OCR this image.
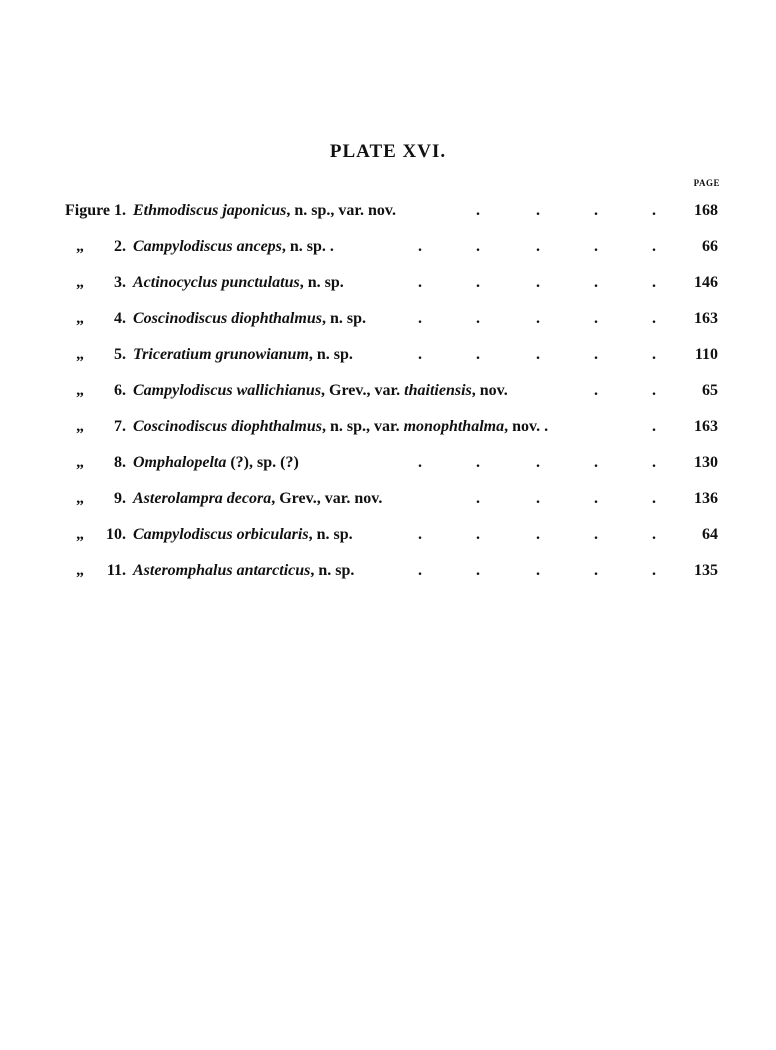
PLATE XVI.
PAGE
Figure 1. Ethmodiscus japonicus, n. sp., var. nov.	.	.	.	.	168
„ 2. Campylodiscus anceps, n. sp. .	.	.	.	.	.	66
„ 3. Actinocyclus punctulatus, n. sp.	.	.	.	.	.	146
„ 4. Coscinodiscus diophthalmus, n. sp.	.	.	.	.	.	163
„ 5. Triceratium grunowianum, n. sp.	.	.	.	.	.	110
„ 6. Campylodiscus wallichianus, Grev., var. thaitiensis, nov.	.	.	65
„ 7. Coscinodiscus diophthalmus, n. sp., var. monophthalma, nov. .	.	163
„ 8. Omphalopelta (?), sp. (?)	.	.	.	.	.	130
„ 9. Asterolampra decora, Grev., var. nov.	.	.	.	.	136
„ 10. Campylodiscus orbicularis, n. sp.	.	.	.	.	.	64
„ 11. Asteromphalus antarcticus, n. sp.	.	.	.	.	.	135
